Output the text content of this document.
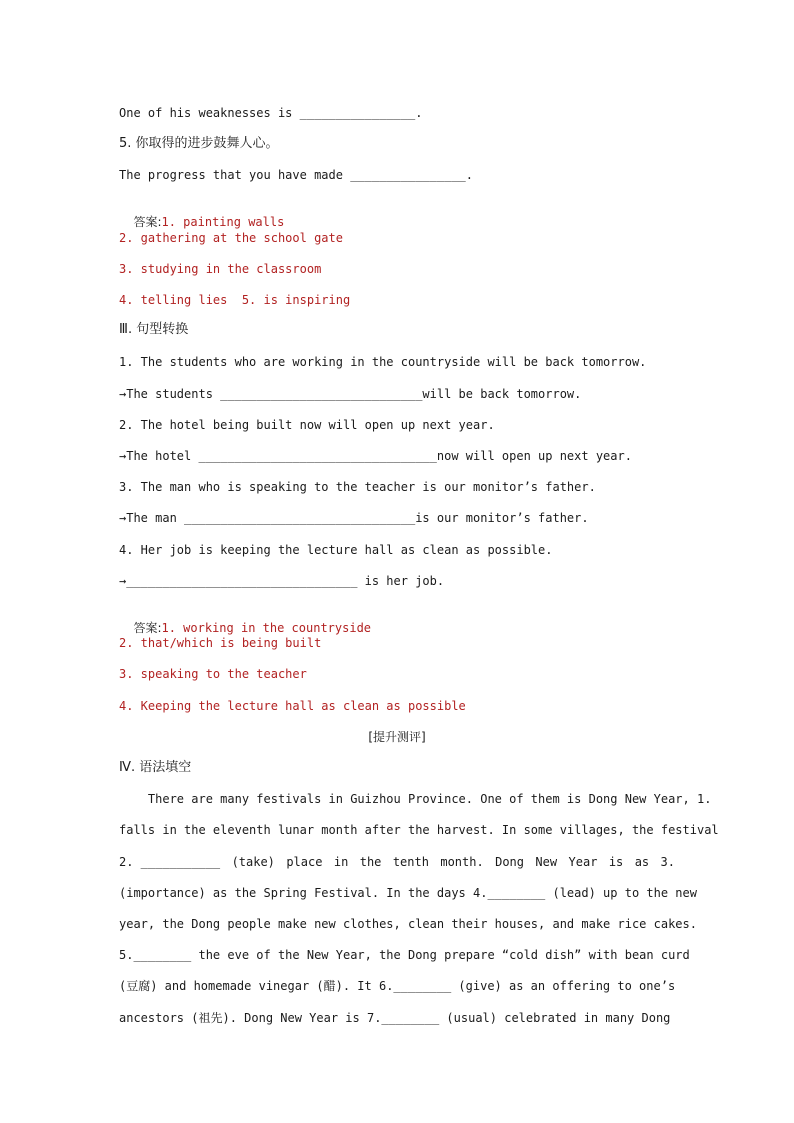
One of his weaknesses is ________________.
5. 你取得的进步鼓舞人心。
The progress that you have made ________________.

答案:1. painting walls

2. gathering at the school gate
3. studying in the classroom
4. telling lies  5. is inspiring
Ⅲ. 句型转换
1. The students who are working in the countryside will be back tomorrow.
→The students ____________________________will be back tomorrow.
2. The hotel being built now will open up next year.
→The hotel _________________________________now will open up next year.
3. The man who is speaking to the teacher is our monitor’s father.
→The man ________________________________is our monitor’s father.
4. Her job is keeping the lecture hall as clean as possible.
→________________________________ is her job.

答案:1. working in the countryside

2. that/which is being built
3. speaking to the teacher
4. Keeping the lecture hall as clean as possible
[提升测评]
Ⅳ. 语法填空
There are many festivals in Guizhou Province. One of them is Dong New Year, 1.
falls in the eleventh lunar month after the harvest. In some villages, the festival
2. ___________ (take) place in the tenth month. Dong New Year is as 3.
(importance) as the Spring Festival. In the days 4.________ (lead) up to the new
year, the Dong people make new clothes, clean their houses, and make rice cakes.
5.________ the eve of the New Year, the Dong prepare “cold dish” with bean curd
(豆腐) and homemade vinegar (醋). It 6.________ (give) as an offering to one’s
ancestors (祖先). Dong New Year is 7.________ (usual) celebrated in many Dong
